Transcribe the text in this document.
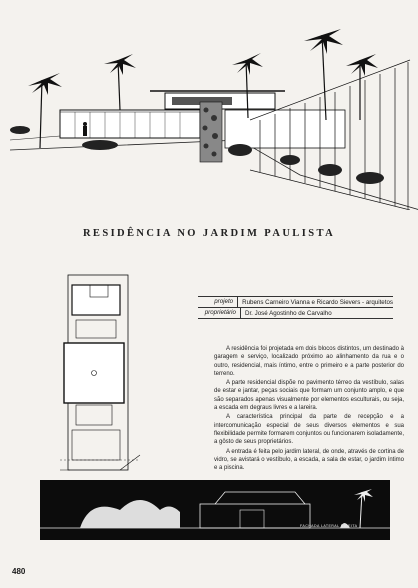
RESIDÊNCIA NO JARDIM PAULISTA
projeto	Rubens Carneiro Vianna e Ricardo Sievers - arquitetos
proprietário	Dr. José Agostinho de Carvalho

A residência foi projetada em dois blocos distintos, um destinado à garagem e serviço, localizado próximo ao alinhamento da rua e o outro, residencial, mais íntimo, entre o primeiro e a parte posterior do terreno.

A parte residencial dispõe no pavimento térreo da vestíbulo, salas de estar e jantar, peças sociais que formam um conjunto amplo, e que são separados apenas visualmente por elementos esculturais, ou seja, a escada em degraus livres e a lareira.

A característica principal da parte de recepção e a intercomunicação especial de seus diversos elementos e sua flexibilidade permite formarem conjuntos ou funcionarem isoladamente, a gôsto de seus proprietários.

A entrada é feita pelo jardim lateral, de onde, através de cortina de vidro, se avistará o vestíbulo, a escada, a sala de estar, o jardim íntimo e a piscina.

FACHADA LATERAL DIREITA
480
